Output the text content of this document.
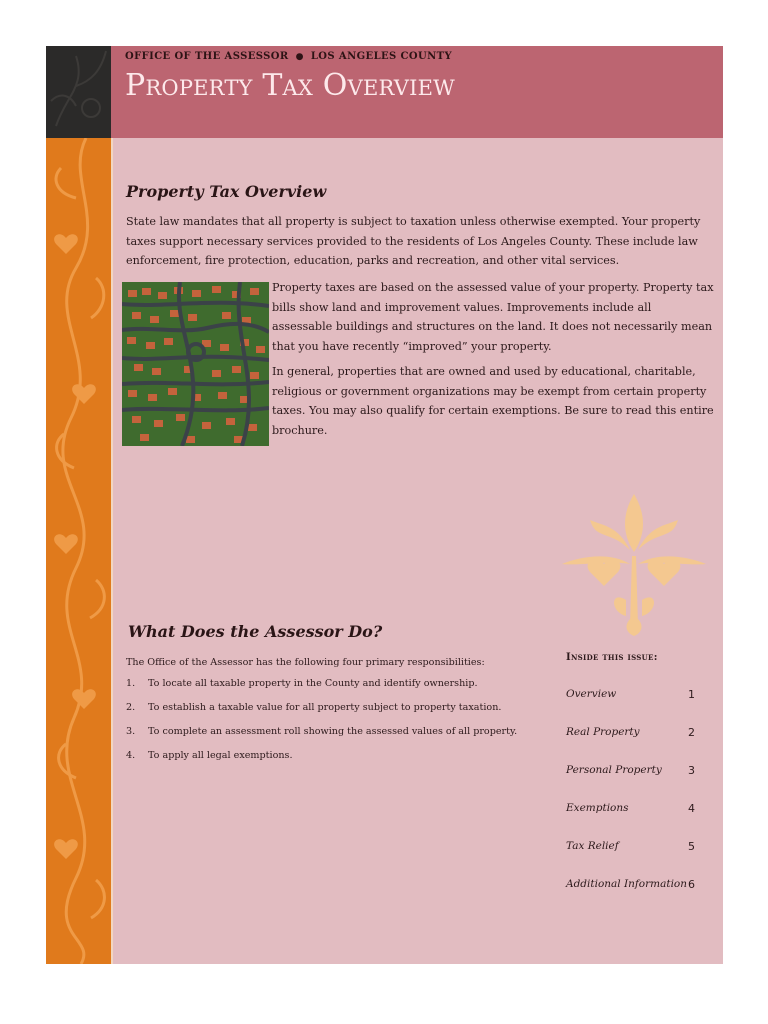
OFFICE OF THE ASSESSOR ● LOS ANGELES COUNTY
Property Tax Overview
Property Tax Overview

State law mandates that all property is subject to taxation unless otherwise exempted. Your property taxes support necessary services provided to the residents of Los Angeles County. These include law enforcement, fire protection, education, parks and recreation, and other vital services.

Property taxes are based on the assessed value of your property. Property tax bills show land and improvement values. Improvements include all assessable buildings and structures on the land. It does not necessarily mean that you have recently “improved” your property.

In general, properties that are owned and used by educational, charitable, religious or government organizations may be exempt from certain property taxes. You may also qualify for certain exemptions. Be sure to read this entire brochure.

What Does the Assessor Do?

The Office of the Assessor has the following four primary responsibilities:

1. To locate all taxable property in the County and identify ownership.
2. To establish a taxable value for all property subject to property taxation.
3. To complete an assessment roll showing the assessed values of all property.
4. To apply all legal exemptions.
Inside this issue:
Overview	1
Real Property	2
Personal Property 3
Exemptions	4
Tax Relief	5
Additional Information 6
